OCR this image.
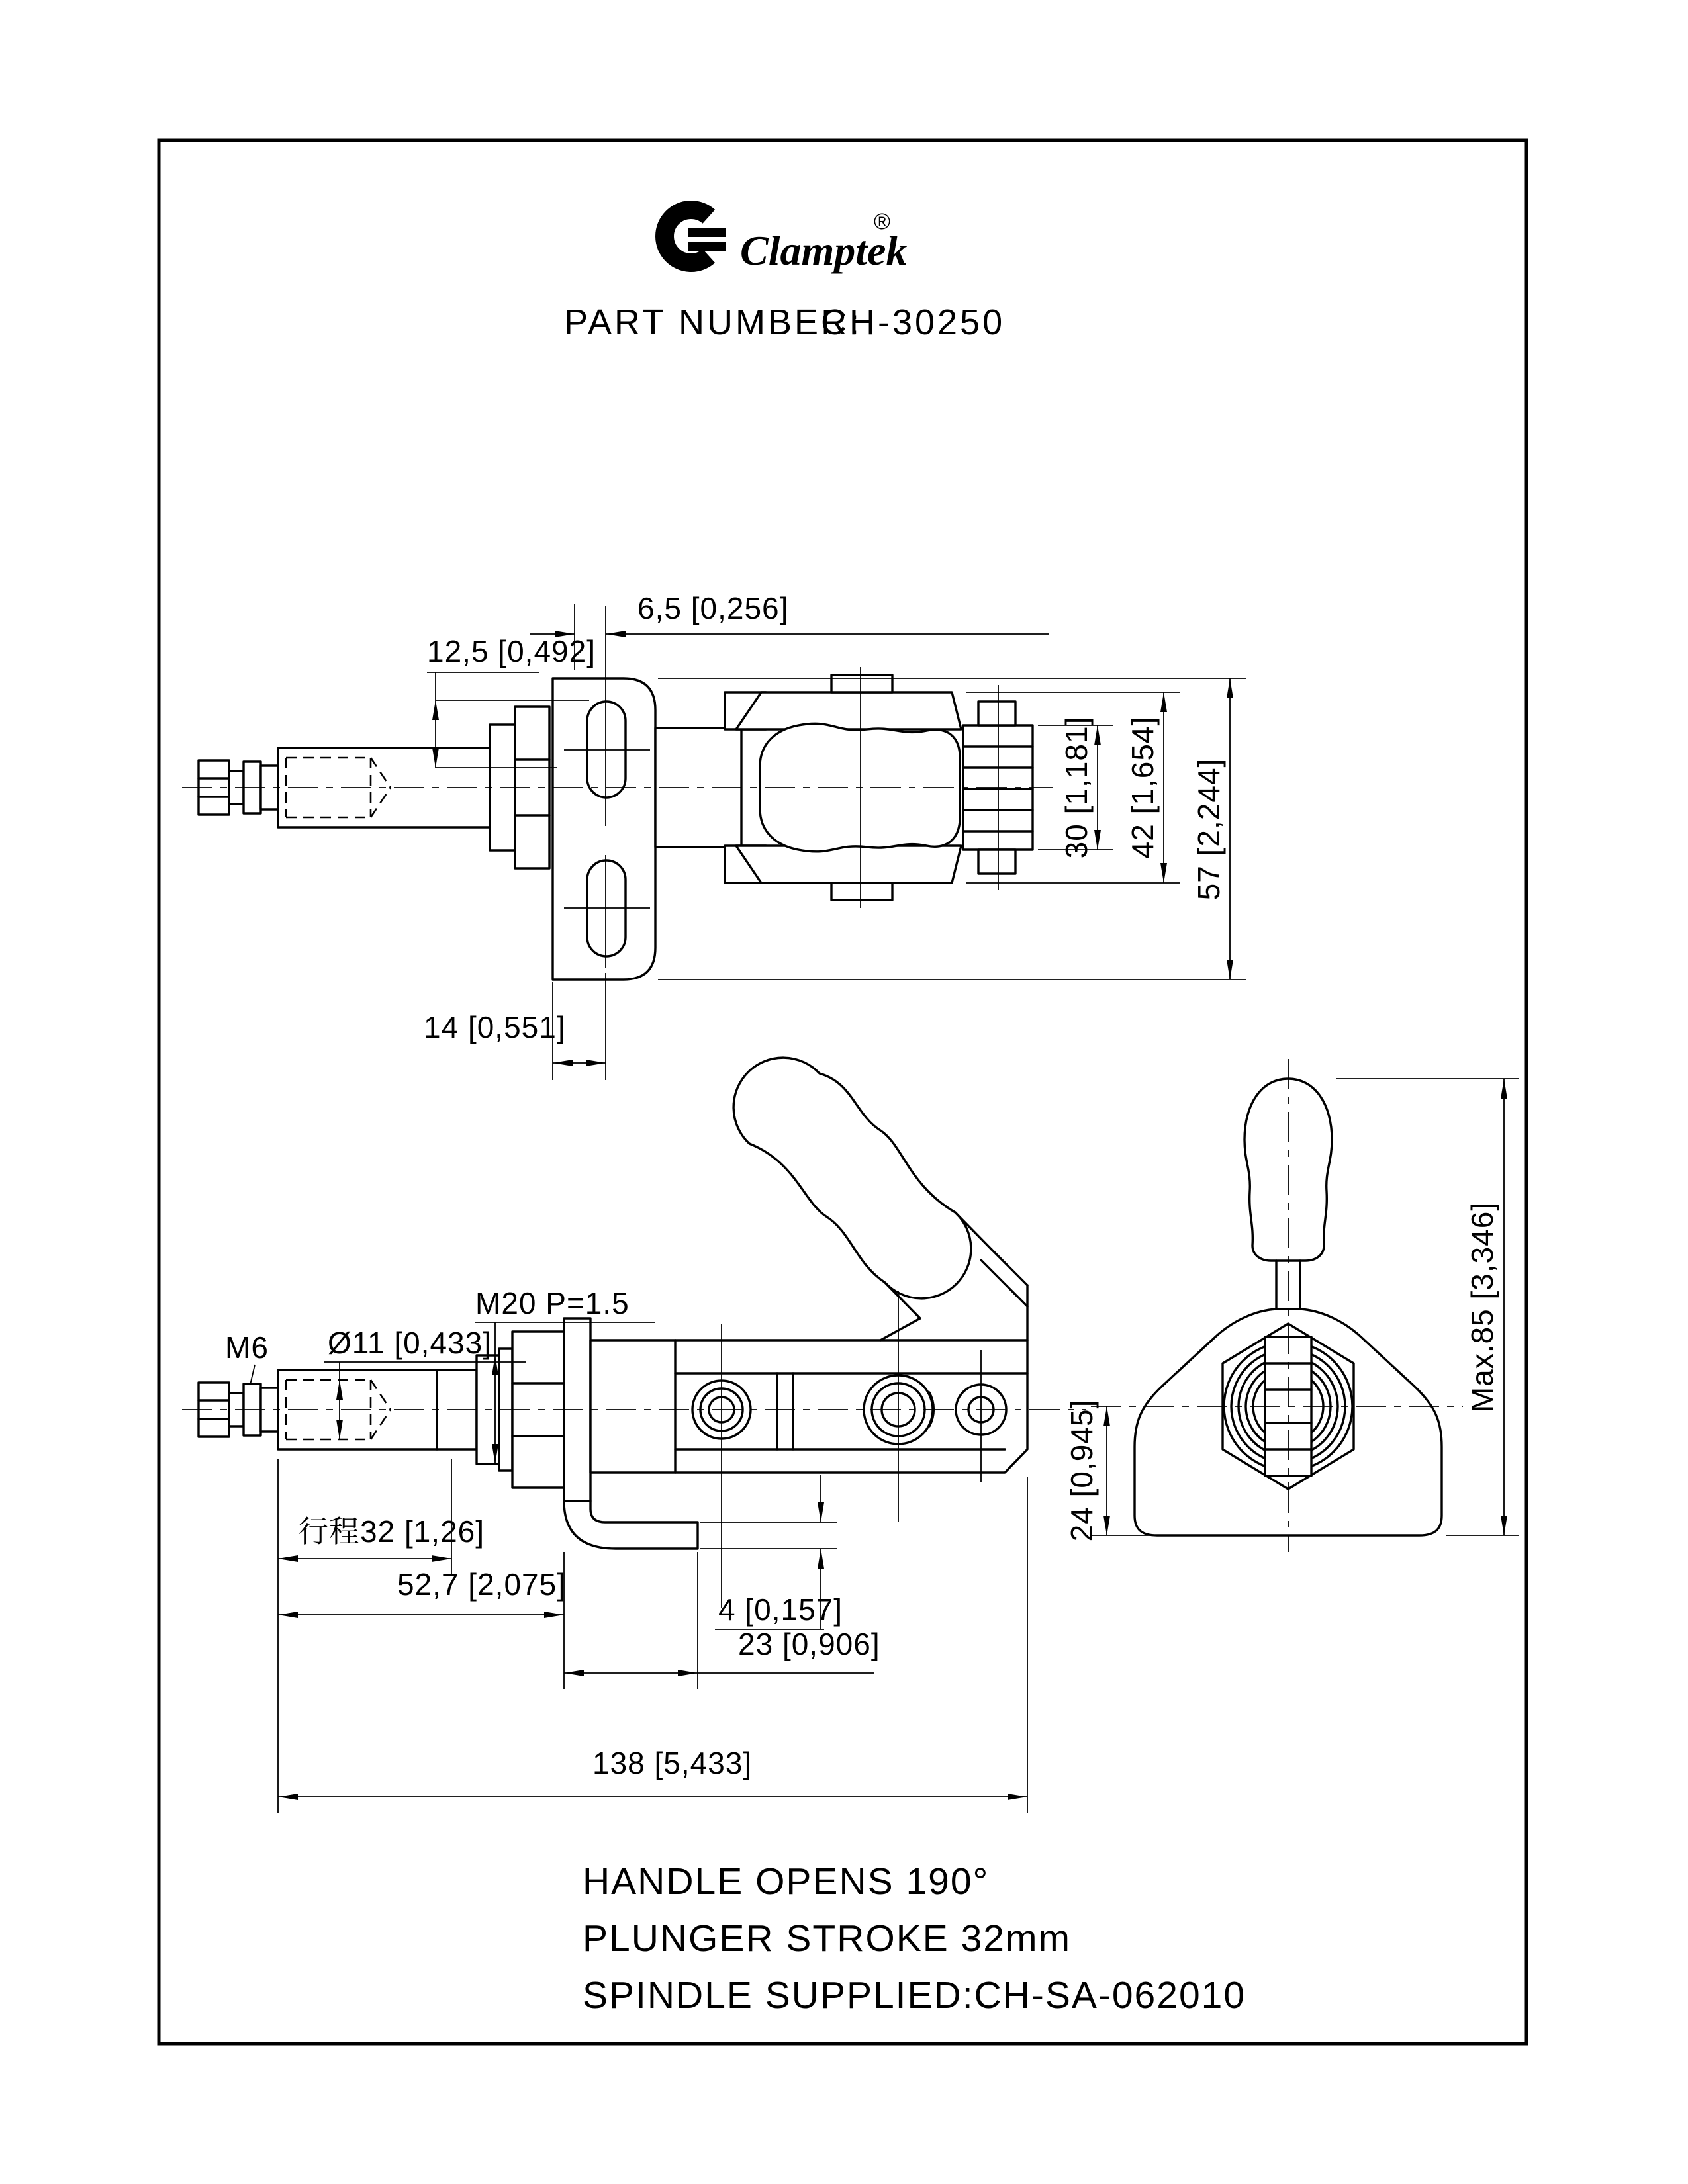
Clamptek
®
PART NUMBER:
CH-30250
6,5 [0,256]
12,5 [0,492]
14 [0,551]
30 [1,181] 42 [1,654] 57 [2,244]
M6 Ø11 [0,433]
M20 P=1.5
行程32 [1,26]
4 [0,157]
52,7 [2,075]
23 [0,906]
138 [5,433]
Max.85 [3,346]
24 [0,945]
HANDLE OPENS 190°
PLUNGER STROKE 32mm
SPINDLE SUPPLIED:CH-SA-062010
